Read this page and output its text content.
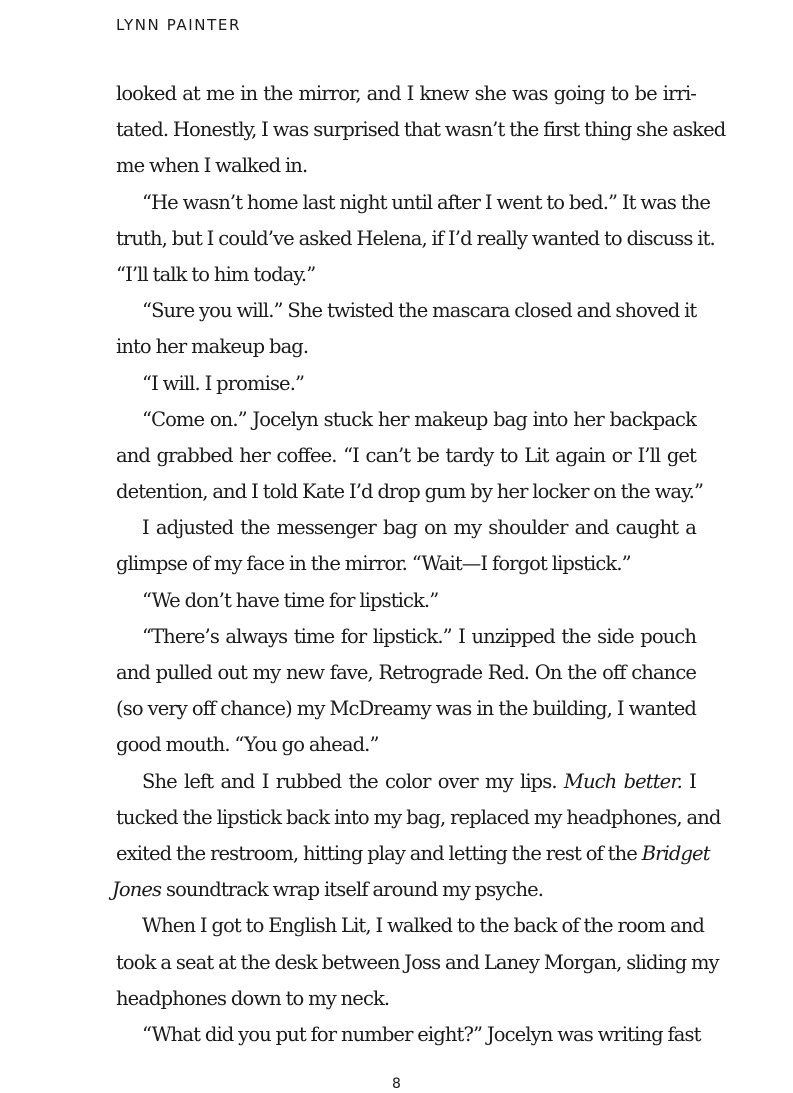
LYNN PAINTER
looked at me in the mirror, and I knew she was going to be irri-
tated. Honestly, I was surprised that wasn’t the first thing she asked
me when I walked in.
“He wasn’t home last night until after I went to bed.” It was the
truth, but I could’ve asked Helena, if I’d really wanted to discuss it.
“I’ll talk to him today.”
“Sure you will.” She twisted the mascara closed and shoved it
into her makeup bag.
“I will. I promise.”
“Come on.” Jocelyn stuck her makeup bag into her backpack
and grabbed her coffee. “I can’t be tardy to Lit again or I’ll get
detention, and I told Kate I’d drop gum by her locker on the way.”
I adjusted the messenger bag on my shoulder and caught a
glimpse of my face in the mirror. “Wait—I forgot lipstick.”
“We don’t have time for lipstick.”
“There’s always time for lipstick.” I unzipped the side pouch
and pulled out my new fave, Retrograde Red. On the off chance
(so very off chance) my McDreamy was in the building, I wanted
good mouth. “You go ahead.”
She left and I rubbed the color over my lips. Much better. I
tucked the lipstick back into my bag, replaced my headphones, and
exited the restroom, hitting play and letting the rest of the Bridget
Jones soundtrack wrap itself around my psyche.
When I got to English Lit, I walked to the back of the room and
took a seat at the desk between Joss and Laney Morgan, sliding my
headphones down to my neck.
“What did you put for number eight?” Jocelyn was writing fast
8
